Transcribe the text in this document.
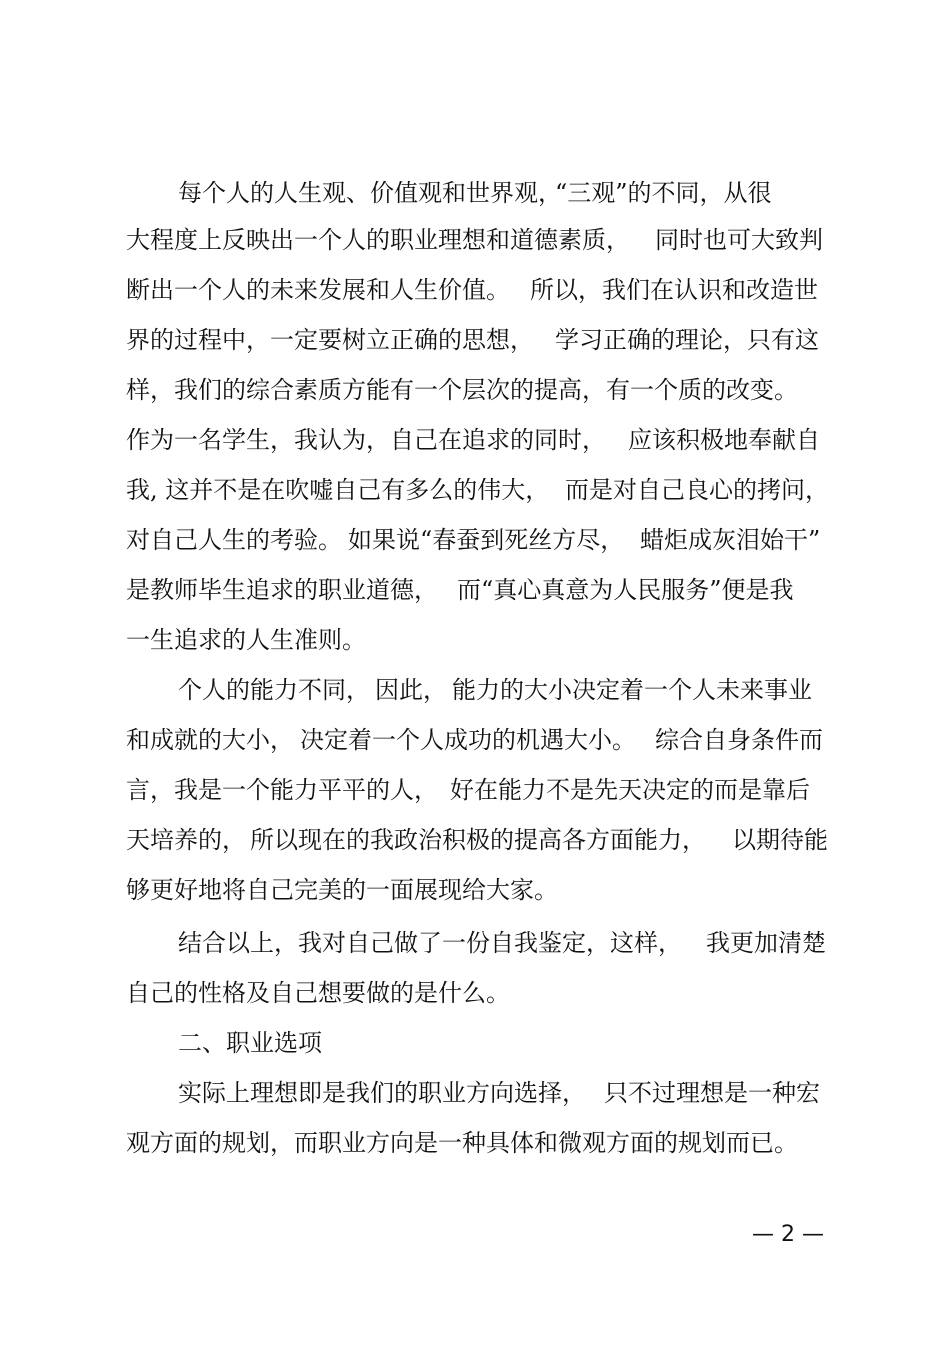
每个人的人生观、价值观和世界观，
“三观”的不同，从很
大程度上反映出一个人的职业理想和道德素质， 同时也可大致判
断出一个人的未来发展和人生价值。 所以，我们在认识和改造世
界的过程中，一定要树立正确的思想， 学习正确的理论，只有这
样，我们的综合素质方能有一个层次的提高，有一个质的改变。
作为一名学生，我认为，自己在追求的同时， 应该积极地奉献自
我, 这并不是在吹嘘自己有多么的伟大， 而是对自己良心的拷问，
对自己人生的考验。 如果说“春蚕到死丝方尽， 蜡炬成灰泪始干”
是教师毕生追求的职业道德， 而“真心真意为人民服务”便是我
一生追求的人生准则。
个人的能力不同， 因此， 能力的大小决定着一个人未来事业
和成就的大小， 决定着一个人成功的机遇大小。 综合自身条件而
言，我是一个能力平平的人， 好在能力不是先天决定的而是靠后
天培养的， 所以现在的我政治积极的提高各方面能力， 以期待能
够更好地将自己完美的一面展现给大家。
结合以上，我对自己做了一份自我鉴定，这样， 我更加清楚
自己的性格及自己想要做的是什么。
二、职业选项
实际上理想即是我们的职业方向选择， 只不过理想是一种宏
观方面的规划，而职业方向是一种具体和微观方面的规划而已。
— 2 —
